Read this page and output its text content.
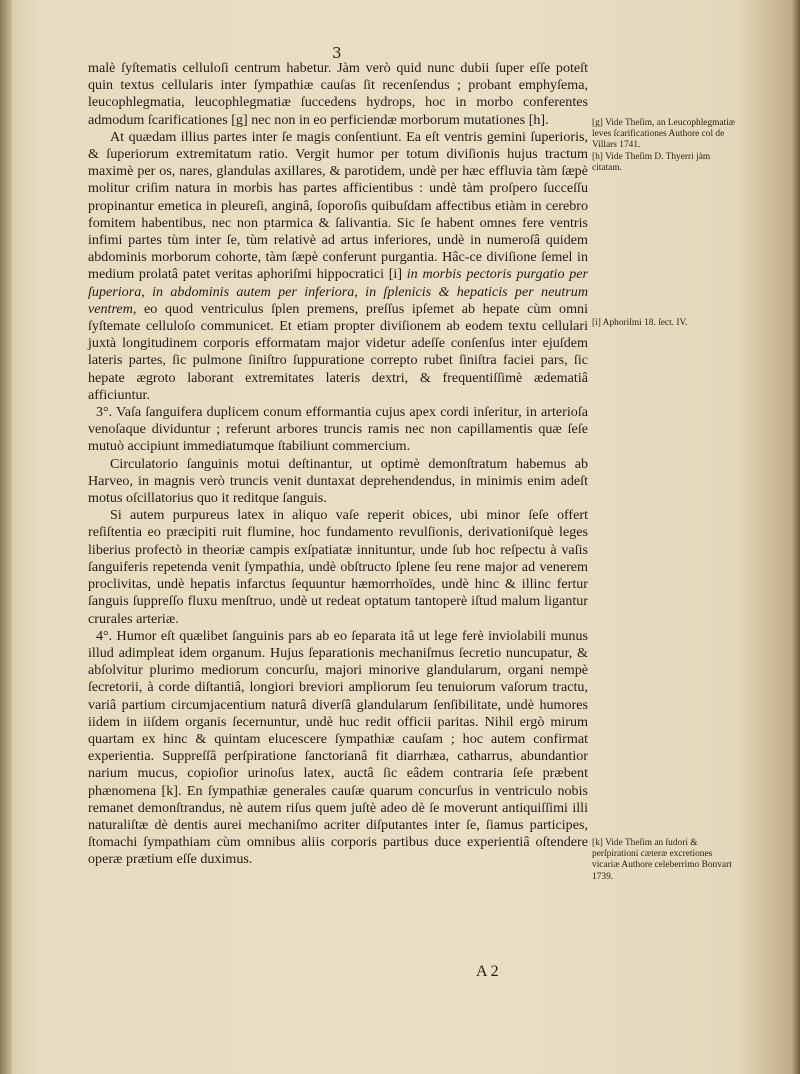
3

malè ſyſtematis celluloſi centrum habetur. Jàm verò quid nunc dubii ſuper eſſe poteſt quin textus cellularis inter ſympathiæ cauſas ſit recenſendus ; probant emphyſema, leucophlegmatia, leucophlegmatiæ ſuccedens hydrops, hoc in morbo conferentes admodum ſcarificationes [g] nec non in eo perficiendæ morborum mutationes [h].

At quædam illius partes inter ſe magis conſentiunt. Ea eſt ventris gemini ſuperioris, & ſuperiorum extremitatum ratio. Vergit humor per totum diviſionis hujus tractum maximè per os, nares, glandulas axillares, & parotidem, undè per hæc effluvia tàm ſæpè molitur criſim natura in morbis has partes afficientibus : undè tàm proſpero ſucceſſu propinantur emetica in pleureſi, anginâ, ſoporoſis quibuſdam affectibus etiàm in cerebro fomitem habentibus, nec non ptarmica & ſalivantia. Sic ſe habent omnes fere ventris infimi partes tùm inter ſe, tùm relativè ad artus inferiores, undè in numeroſâ quidem abdominis morborum cohorte, tàm ſæpè conferunt purgantia. Hâc-ce diviſione ſemel in medium prolatâ patet veritas aphoriſmi hippocratici [i] in morbis pectoris purgatio per ſuperiora, in abdominis autem per inferiora, in ſplenicis & hepaticis per neutrum ventrem, eo quod ventriculus ſplen premens, preſſus ipſemet ab hepate cùm omni ſyſtemate celluloſo communicet. Et etiam propter diviſionem ab eodem textu cellulari juxtà longitudinem corporis efformatam major videtur adeſſe conſenſus inter ejuſdem lateris partes, ſic pulmone ſiniſtro ſuppuratione correpto rubet ſiniſtra faciei pars, ſic hepate ægroto laborant extremitates lateris dextri, & frequentiſſimè ædematiâ afficiuntur.

3°. Vaſa ſanguifera duplicem conum efformantia cujus apex cordi inſeritur, in arterioſa venoſaque dividuntur ; referunt arbores truncis ramis nec non capillamentis quæ ſeſe mutuò accipiunt immediatumque ſtabiliunt commercium.

Circulatorio ſanguinis motui deſtinantur, ut optimè demonſtratum habemus ab Harveo, in magnis verò truncis venit duntaxat deprehendendus, in minimis enim adeſt motus oſcillatorius quo it reditque ſanguis.

Si autem purpureus latex in aliquo vaſe reperit obices, ubi minor ſeſe offert reſiſtentia eo præcipiti ruit flumine, hoc fundamento revulſionis, derivationiſquè leges liberius profectò in theoriæ campis exſpatiatæ innituntur, unde ſub hoc reſpectu à vaſis ſanguiferis repetenda venit ſympathia, undè obſtructo ſplene ſeu rene major ad venerem proclivitas, undè hepatis infarctus ſequuntur hæmorrhoïdes, undè hinc & illinc fertur ſanguis ſuppreſſo fluxu menſtruo, undè ut redeat optatum tantoperè iſtud malum ligantur crurales arteriæ.

4°. Humor eſt quælibet ſanguinis pars ab eo ſeparata itâ ut lege ferè inviolabili munus illud adimpleat idem organum. Hujus ſeparationis mechaniſmus ſecretio nuncupatur, & abſolvitur plurimo mediorum concurſu, majori minorive glandularum, organi nempè ſecretorii, à corde diſtantiâ, longiori breviori ampliorum ſeu tenuiorum vaſorum tractu, variâ partium circumjacentium naturâ diverſâ glandularum ſenſibilitate, undè humores iidem in iiſdem organis ſecernuntur, undè huc redit officii paritas. Nihil ergò mirum quartam ex hinc & quintam elucescere ſympathiæ cauſam ; hoc autem confirmat experientia. Suppreſſâ perſpiratione ſanctorianâ fit diarrhæa, catharrus, abundantior narium mucus, copioſior urinoſus latex, auctâ ſic eâdem contraria ſeſe præbent phænomena [k]. En ſympathiæ generales cauſæ quarum concurſus in ventriculo nobis remanet demonſtrandus, nè autem riſus quem juſtè adeo dè ſe moverunt antiquiſſimi illi naturaliſtæ dè dentis aurei mechaniſmo acriter diſputantes inter ſe, ſiamus participes, ſtomachi ſympathiam cùm omnibus aliis corporis partibus duce experientiâ oſtendere operæ prætium eſſe duximus.

A 2
[g] Vide Theſim, an Leucophlegmatiæ leves ſcarificationes Authore col de Villars 1741.
[h] Vide Theſim D. Thyerri jàm citatam.
[i] Aphoriſmi 18. ſect. IV.
[k] Vide Theſim an ſudori & perſpirationi cæteræ excretiones vicariæ Authore celeberrimo Bonvart 1739.
